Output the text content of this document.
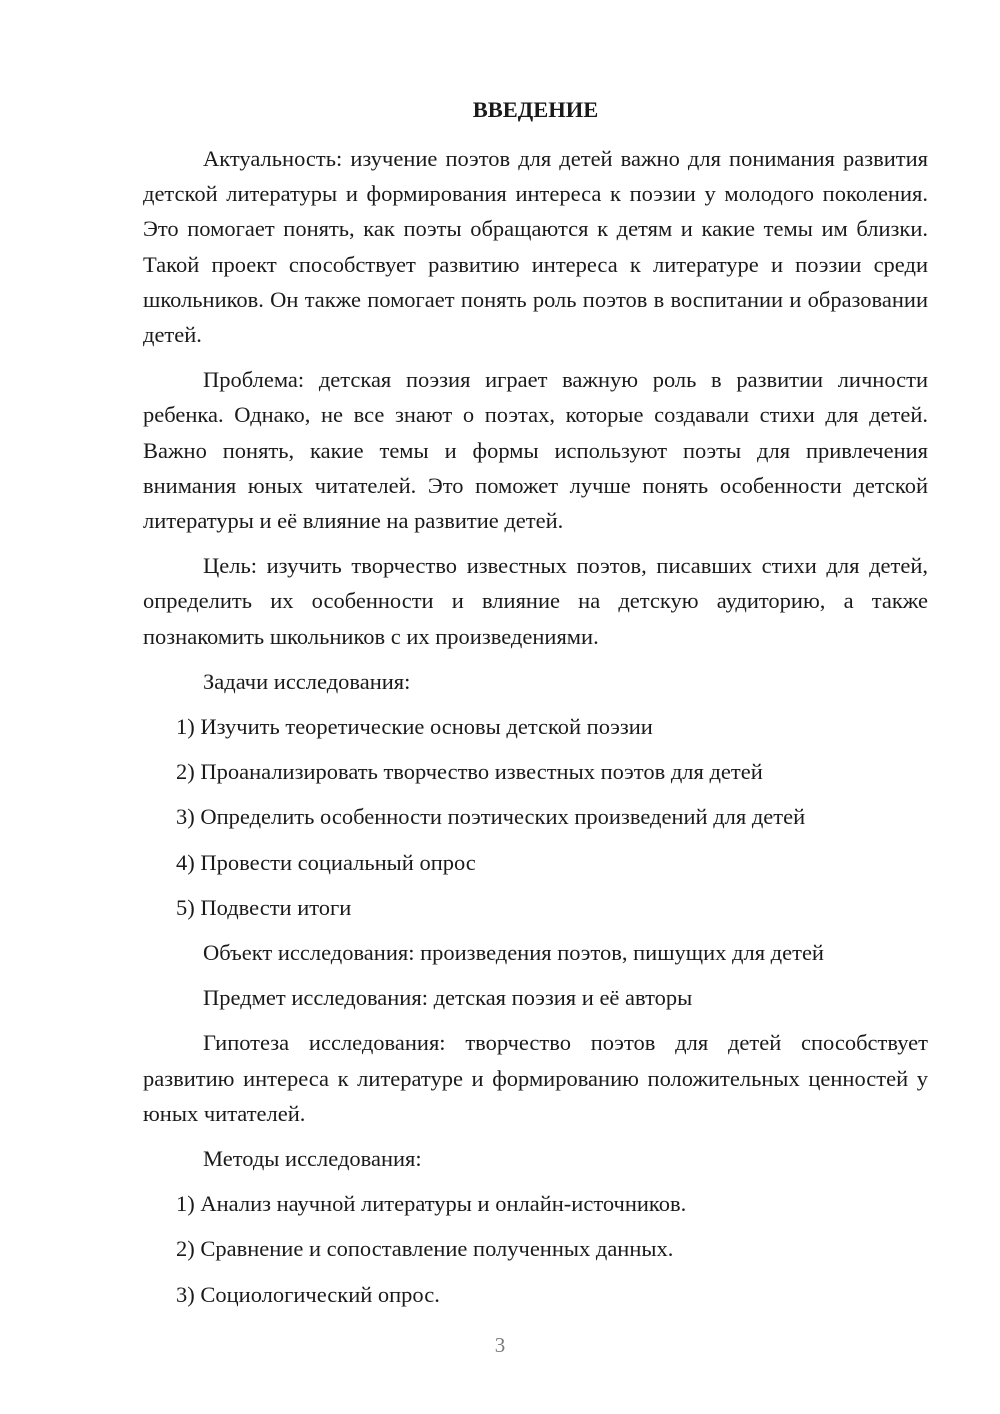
ВВЕДЕНИЕ

Актуальность: изучение поэтов для детей важно для понимания развития детской литературы и формирования интереса к поэзии у молодого поколения. Это помогает понять, как поэты обращаются к детям и какие темы им близки. Такой проект способствует развитию интереса к литературе и поэзии среди школьников. Он также помогает понять роль поэтов в воспитании и образовании детей.

Проблема: детская поэзия играет важную роль в развитии личности ребенка. Однако, не все знают о поэтах, которые создавали стихи для детей. Важно понять, какие темы и формы используют поэты для привлечения внимания юных читателей. Это поможет лучше понять особенности детской литературы и её влияние на развитие детей.

Цель: изучить творчество известных поэтов, писавших стихи для детей, определить их особенности и влияние на детскую аудиторию, а также познакомить школьников с их произведениями.

Задачи исследования:
1) Изучить теоретические основы детской поэзии
2) Проанализировать творчество известных поэтов для детей
3) Определить особенности поэтических произведений для детей
4) Провести социальный опрос
5) Подвести итоги
Объект исследования: произведения поэтов, пишущих для детей
Предмет исследования: детская поэзия и её авторы

Гипотеза исследования: творчество поэтов для детей способствует развитию интереса к литературе и формированию положительных ценностей у юных читателей.

Методы исследования:
1) Анализ научной литературы и онлайн-источников.
2) Сравнение и сопоставление полученных данных.
3) Социологический опрос.
3
